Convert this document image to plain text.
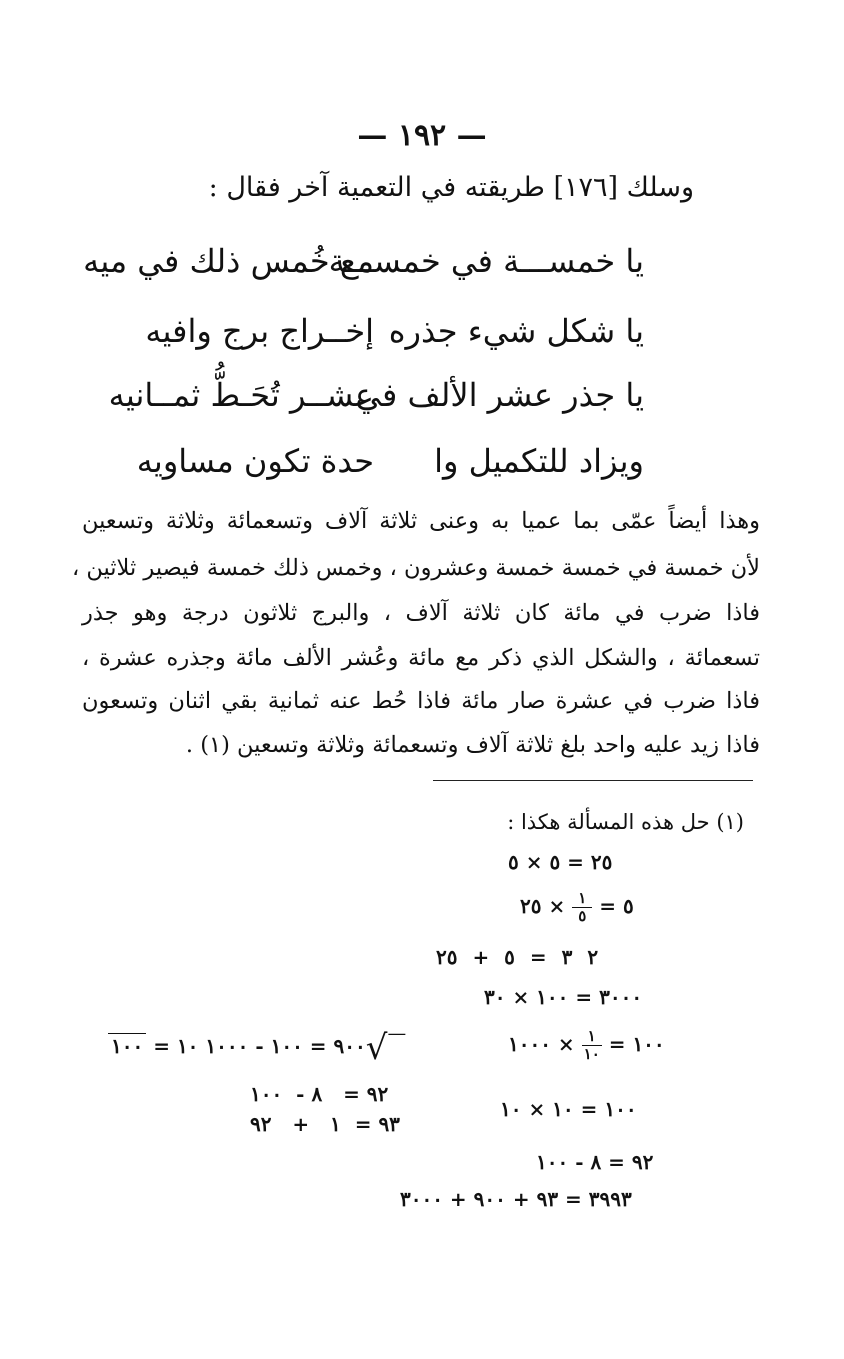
— ١٩٢ —
وسلك [١٧٦] طريقته في التعمية آخر فقال :
يا خمســـة في خمســـة
مع خُمس ذلك في ميه
يا شكل شيء جذره
إخــراج برج وافيه
يا جذر عشر الألف في
عشــر تُحَـطُّ ثمــانيه
ويزاد للتكميل وا
حدة تكون مساويه
وهذا أيضاً عمّى بما عميا به وعنى ثلاثة آلاف وتسعمائة وثلاثة وتسعين
لأن خمسة في خمسة خمسة وعشرون ، وخمس ذلك خمسة فيصير ثلاثين ،
فاذا ضرب في مائة كان ثلاثة آلاف ، والبرج ثلاثون درجة وهو جذر
تسعمائة ، والشكل الذي ذكر مع مائة وعُشر الألف مائة وجذره عشرة ،
فاذا ضرب في عشرة صار مائة فاذا حُط عنه ثمانية بقي اثنان وتسعون
فاذا زيد عليه واحد بلغ ثلاثة آلاف وتسعمائة وثلاثة وتسعين (١) .
(١) حل هذه المسألة هكذا :
٢٥ = ٥ × ٥
٥ =
$\frac{١}{٥}$
× ٢٥
٢ ٣ = ٥ + ٢٥
٣٠٠٠ = ١٠٠ × ٣٠
٩٠٠ = ١٠٠ - ١٠٠٠ ١٠ = ١٠٠	√‾	١٠٠ =
$\frac{١}{١٠}$
× ١٠٠٠
٩٢ =   ٨ -  ١٠٠
٩٣ =  ١   +   ٩٢
١٠٠ = ١٠ × ١٠
٩٢ = ٨ - ١٠٠
٣٩٩٣ = ٩٣ + ٩٠٠ + ٣٠٠٠
